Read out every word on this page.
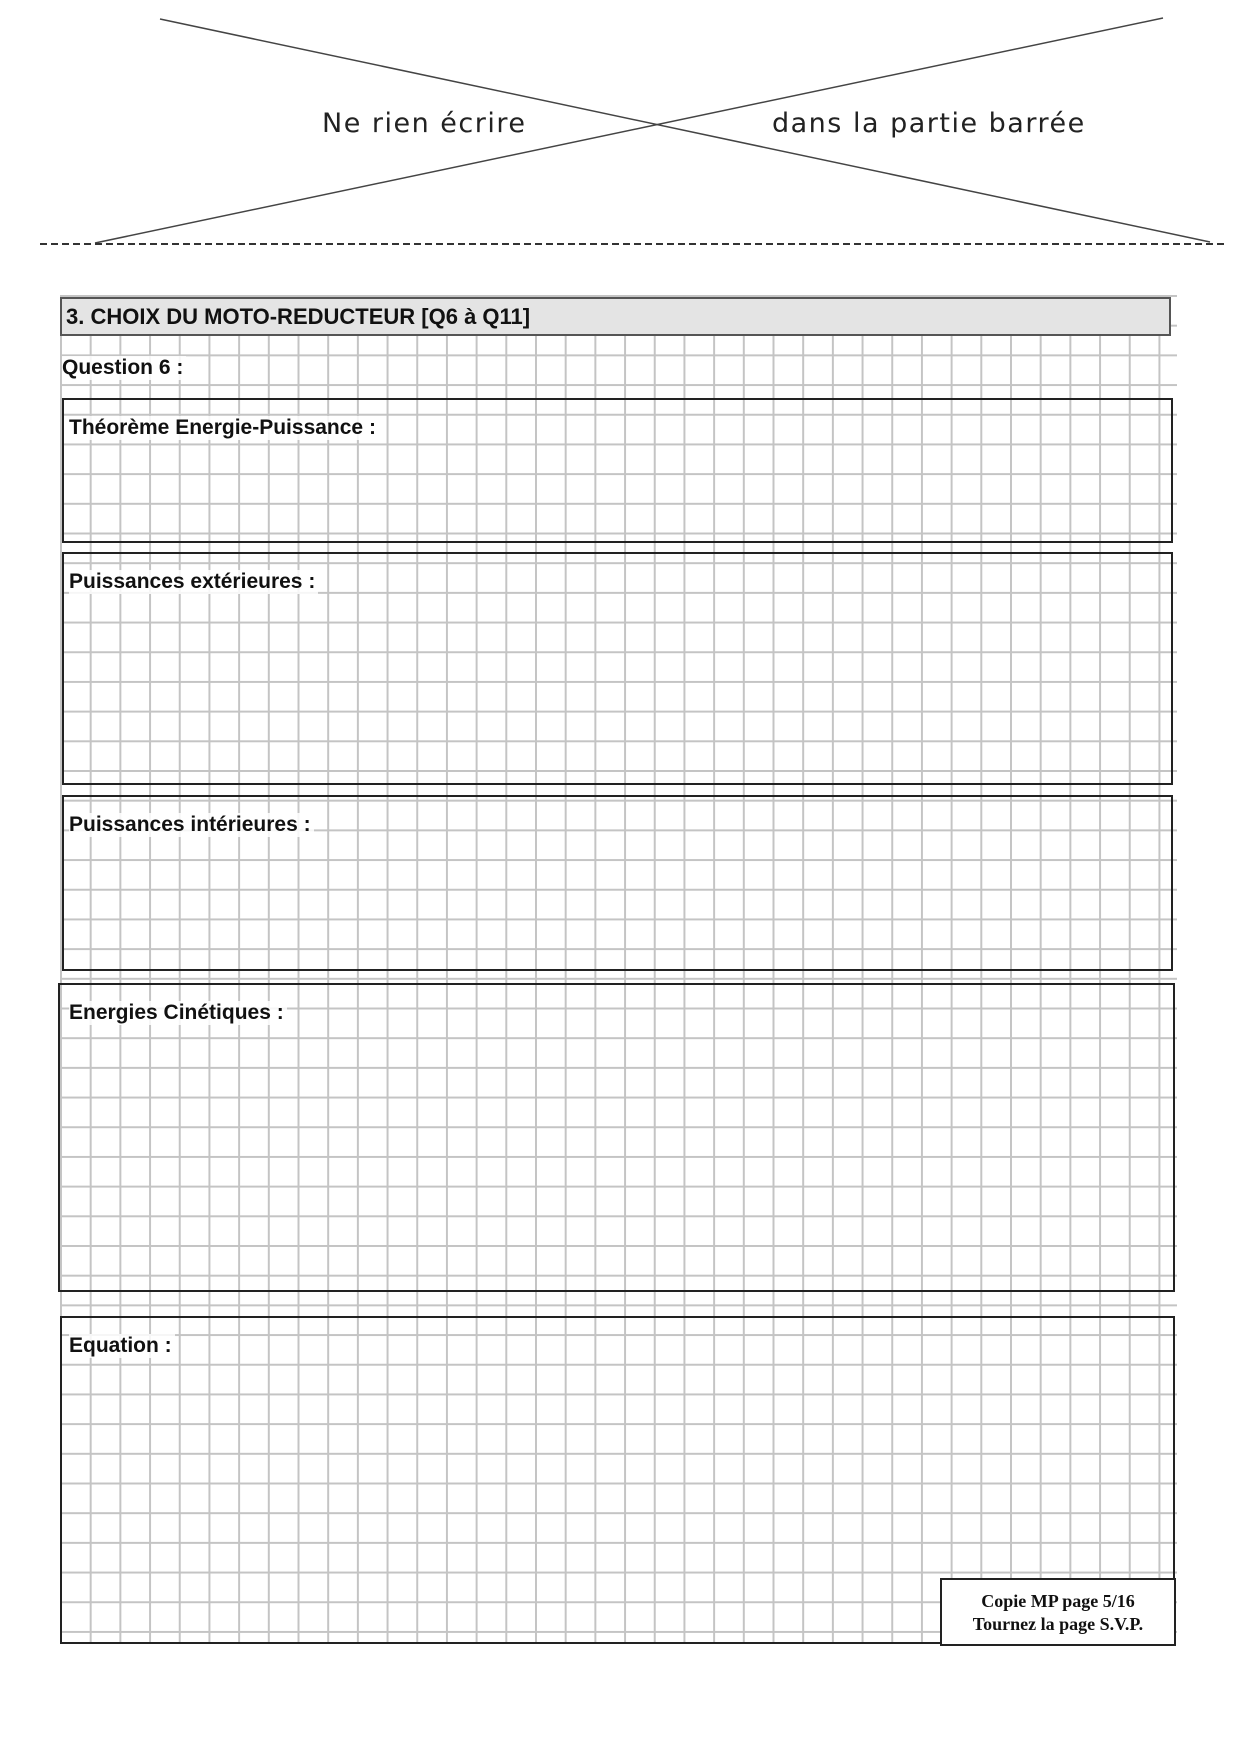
Ne rien écrire	dans la partie barrée
3. CHOIX DU MOTO-REDUCTEUR [Q6 à Q11]
Question 6 :
Théorème Energie-Puissance :
Puissances extérieures :
Puissances intérieures :
Energies Cinétiques :
Equation :
Copie MP page 5/16
Tournez la page S.V.P.
